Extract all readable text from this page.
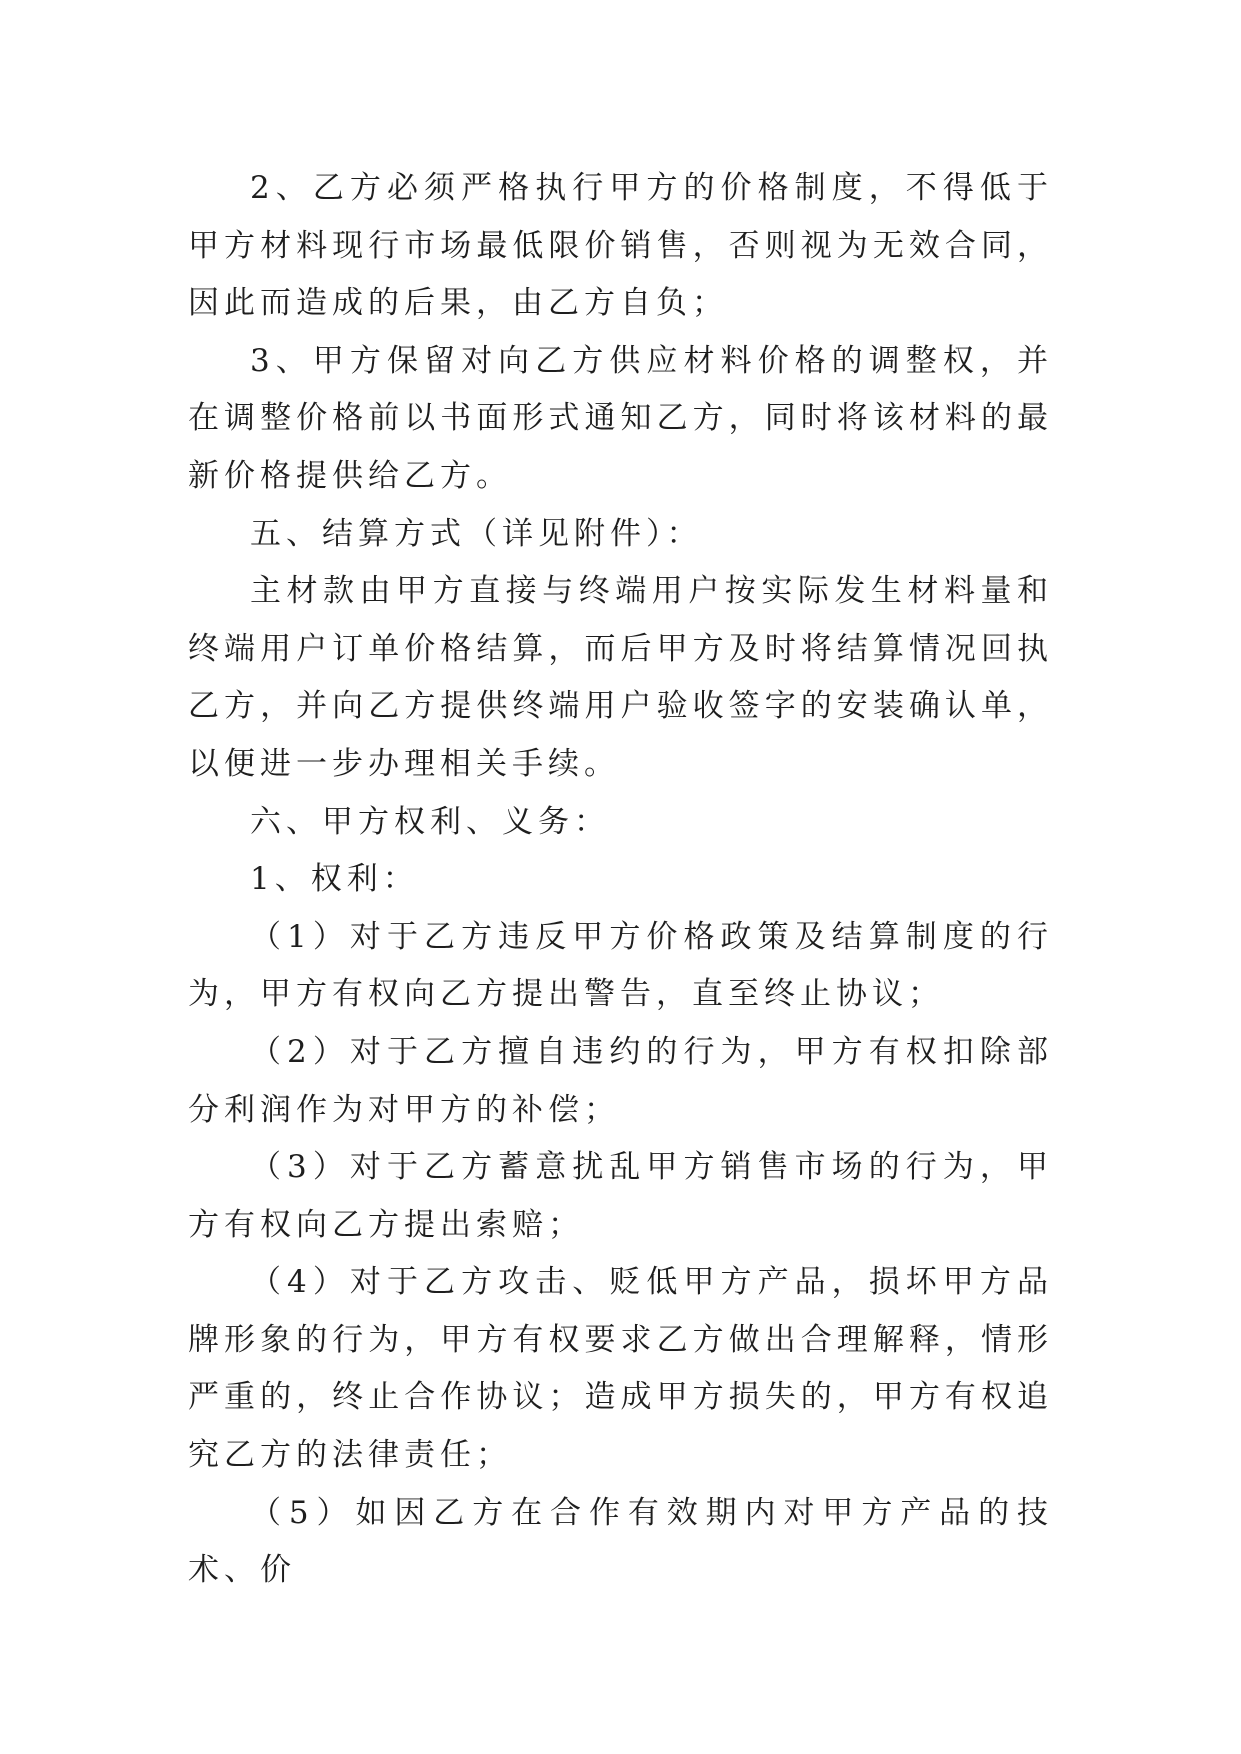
2、乙方必须严格执行甲方的价格制度，不得低于甲方材料现行市场最低限价销售，否则视为无效合同，因此而造成的后果，由乙方自负；

3、甲方保留对向乙方供应材料价格的调整权，并在调整价格前以书面形式通知乙方，同时将该材料的最新价格提供给乙方。

五、结算方式（详见附件）：

主材款由甲方直接与终端用户按实际发生材料量和终端用户订单价格结算，而后甲方及时将结算情况回执乙方，并向乙方提供终端用户验收签字的安装确认单，以便进一步办理相关手续。

六、甲方权利、义务：

1、权利：

（1）对于乙方违反甲方价格政策及结算制度的行为，甲方有权向乙方提出警告，直至终止协议；

（2）对于乙方擅自违约的行为，甲方有权扣除部分利润作为对甲方的补偿；

（3）对于乙方蓄意扰乱甲方销售市场的行为，甲方有权向乙方提出索赔；

（4）对于乙方攻击、贬低甲方产品，损坏甲方品牌形象的行为，甲方有权要求乙方做出合理解释，情形严重的，终止合作协议；造成甲方损失的，甲方有权追究乙方的法律责任；

（5）如因乙方在合作有效期内对甲方产品的技术、价
